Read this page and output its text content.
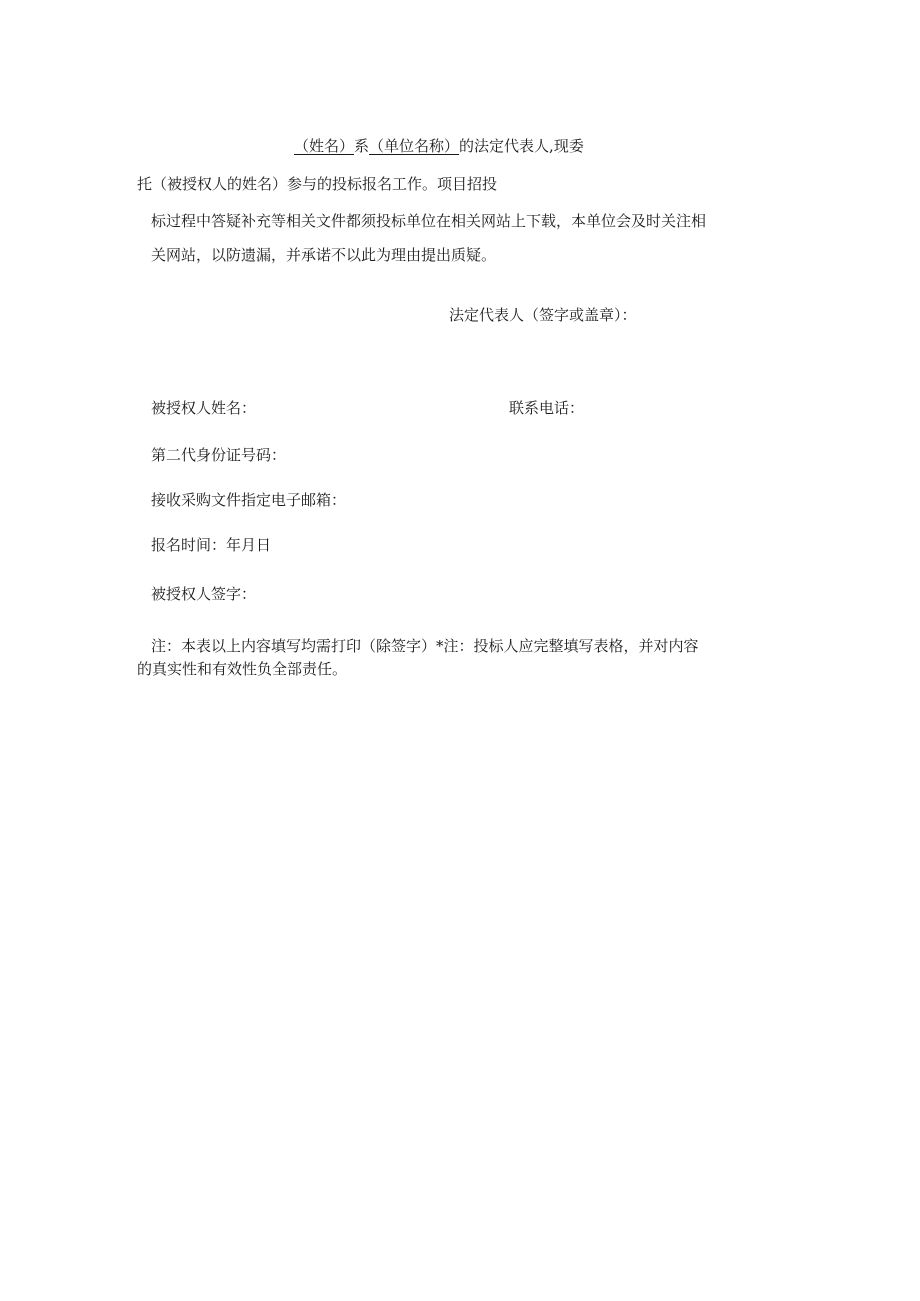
（姓名）系（单位名称）的法定代表人,现委
托（被授权人的姓名）参与的投标报名工作。项目招投
标过程中答疑补充等相关文件都须投标单位在相关网站上下载，本单位会及时关注相
关网站，以防遗漏，并承诺不以此为理由提出质疑。
法定代表人（签字或盖章）：
被授权人姓名：	联系电话：
第二代身份证号码：
接收采购文件指定电子邮箱：
报名时间：年月日
被授权人签字：
注：本表以上内容填写均需打印（除签字）*注：投标人应完整填写表格，并对内容
的真实性和有效性负全部责任。
